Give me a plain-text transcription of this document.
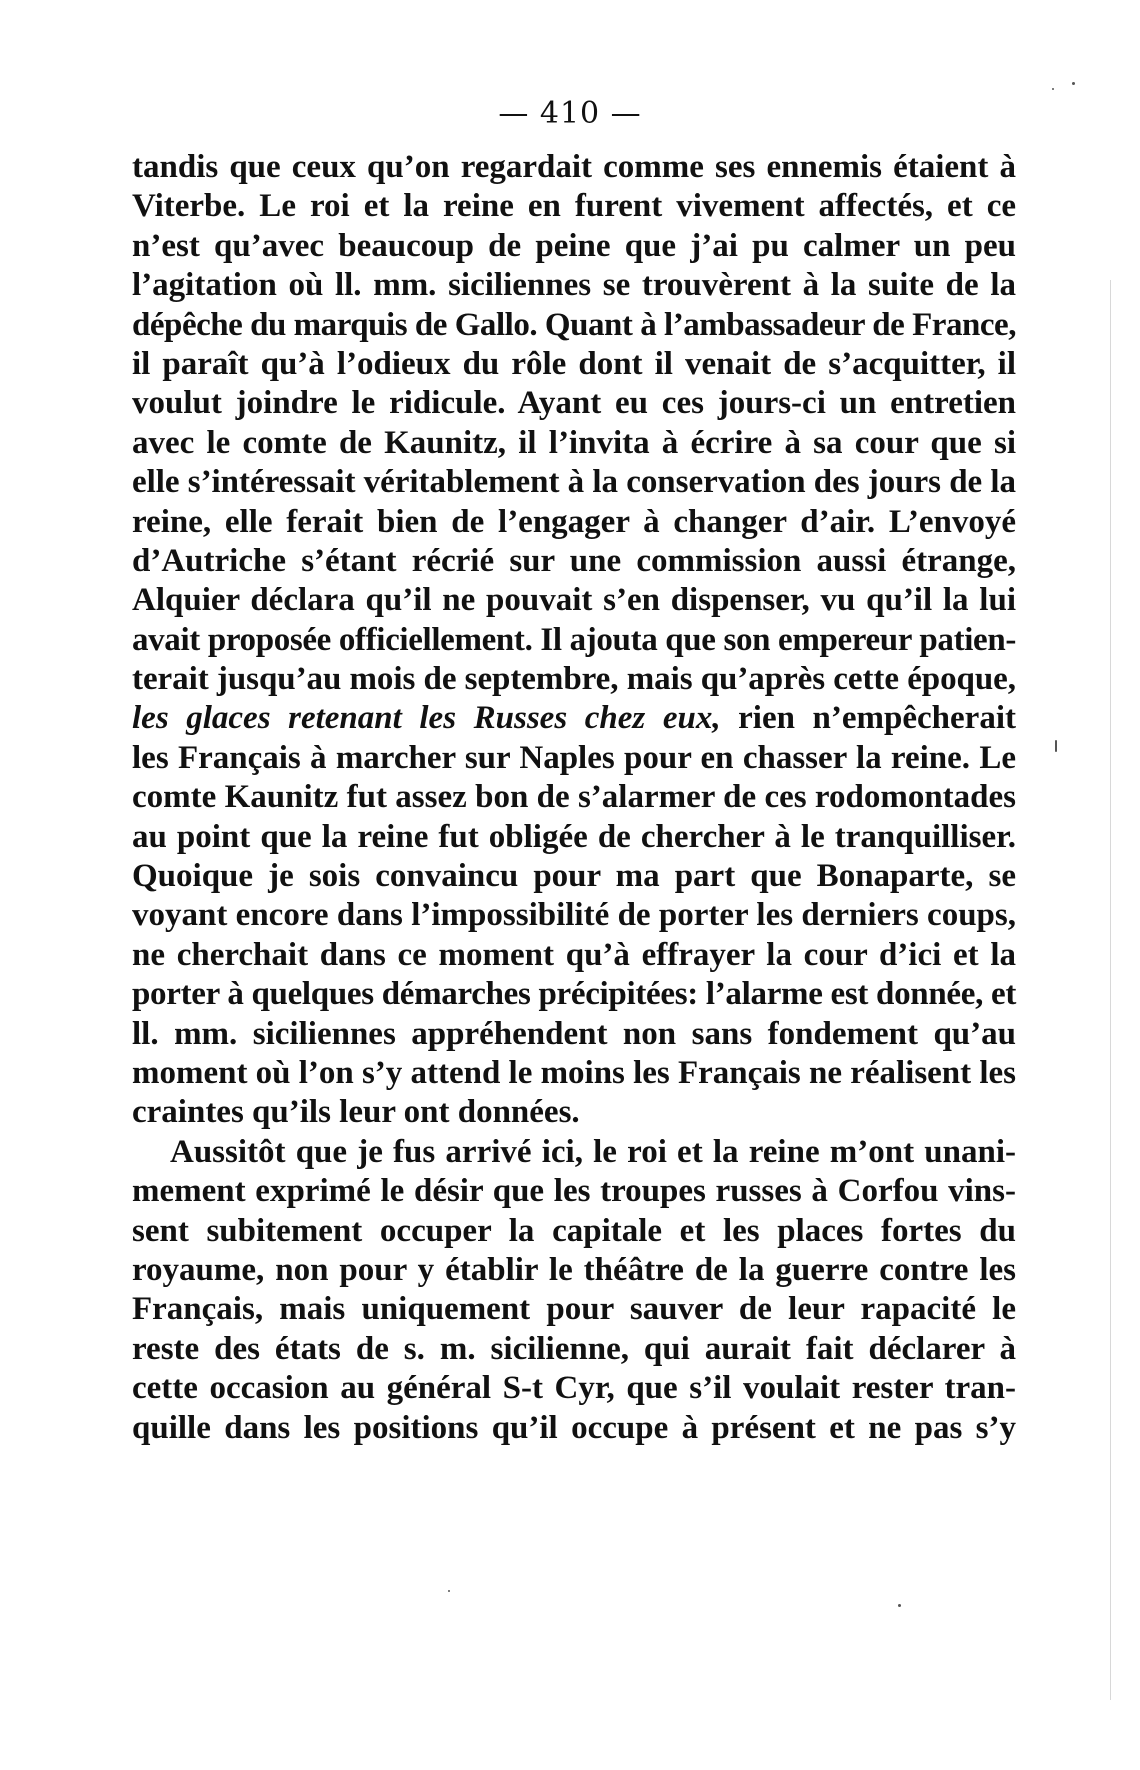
— 410 —
tandis que ceux qu’on regardait comme ses ennemis étaient à
Viterbe. Le roi et la reine en furent vivement affectés, et ce
n’est qu’avec beaucoup de peine que j’ai pu calmer un peu
l’agitation où ll. mm. siciliennes se trouvèrent à la suite de la
dépêche du marquis de Gallo. Quant à l’ambassadeur de France,
il paraît qu’à l’odieux du rôle dont il venait de s’acquitter, il
voulut joindre le ridicule. Ayant eu ces jours-ci un entretien
avec le comte de Kaunitz, il l’invita à écrire à sa cour que si
elle s’intéressait véritablement à la conservation des jours de la
reine, elle ferait bien de l’engager à changer d’air. L’envoyé
d’Autriche s’étant récrié sur une commission aussi étrange,
Alquier déclara qu’il ne pouvait s’en dispenser, vu qu’il la lui
avait proposée officiellement. Il ajouta que son empereur patien-
terait jusqu’au mois de septembre, mais qu’après cette époque,
les glaces retenant les Russes chez eux, rien n’empêcherait
les Français à marcher sur Naples pour en chasser la reine. Le
comte Kaunitz fut assez bon de s’alarmer de ces rodomontades
au point que la reine fut obligée de chercher à le tranquilliser.
Quoique je sois convaincu pour ma part que Bonaparte, se
voyant encore dans l’impossibilité de porter les derniers coups,
ne cherchait dans ce moment qu’à effrayer la cour d’ici et la
porter à quelques démarches précipitées: l’alarme est donnée, et
ll. mm. siciliennes appréhendent non sans fondement qu’au
moment où l’on s’y attend le moins les Français ne réalisent les
craintes qu’ils leur ont données.
Aussitôt que je fus arrivé ici, le roi et la reine m’ont unani-
mement exprimé le désir que les troupes russes à Corfou vins-
sent subitement occuper la capitale et les places fortes du
royaume, non pour y établir le théâtre de la guerre contre les
Français, mais uniquement pour sauver de leur rapacité le
reste des états de s. m. sicilienne, qui aurait fait déclarer à
cette occasion au général S-t Cyr, que s’il voulait rester tran-
quille dans les positions qu’il occupe à présent et ne pas s’y
